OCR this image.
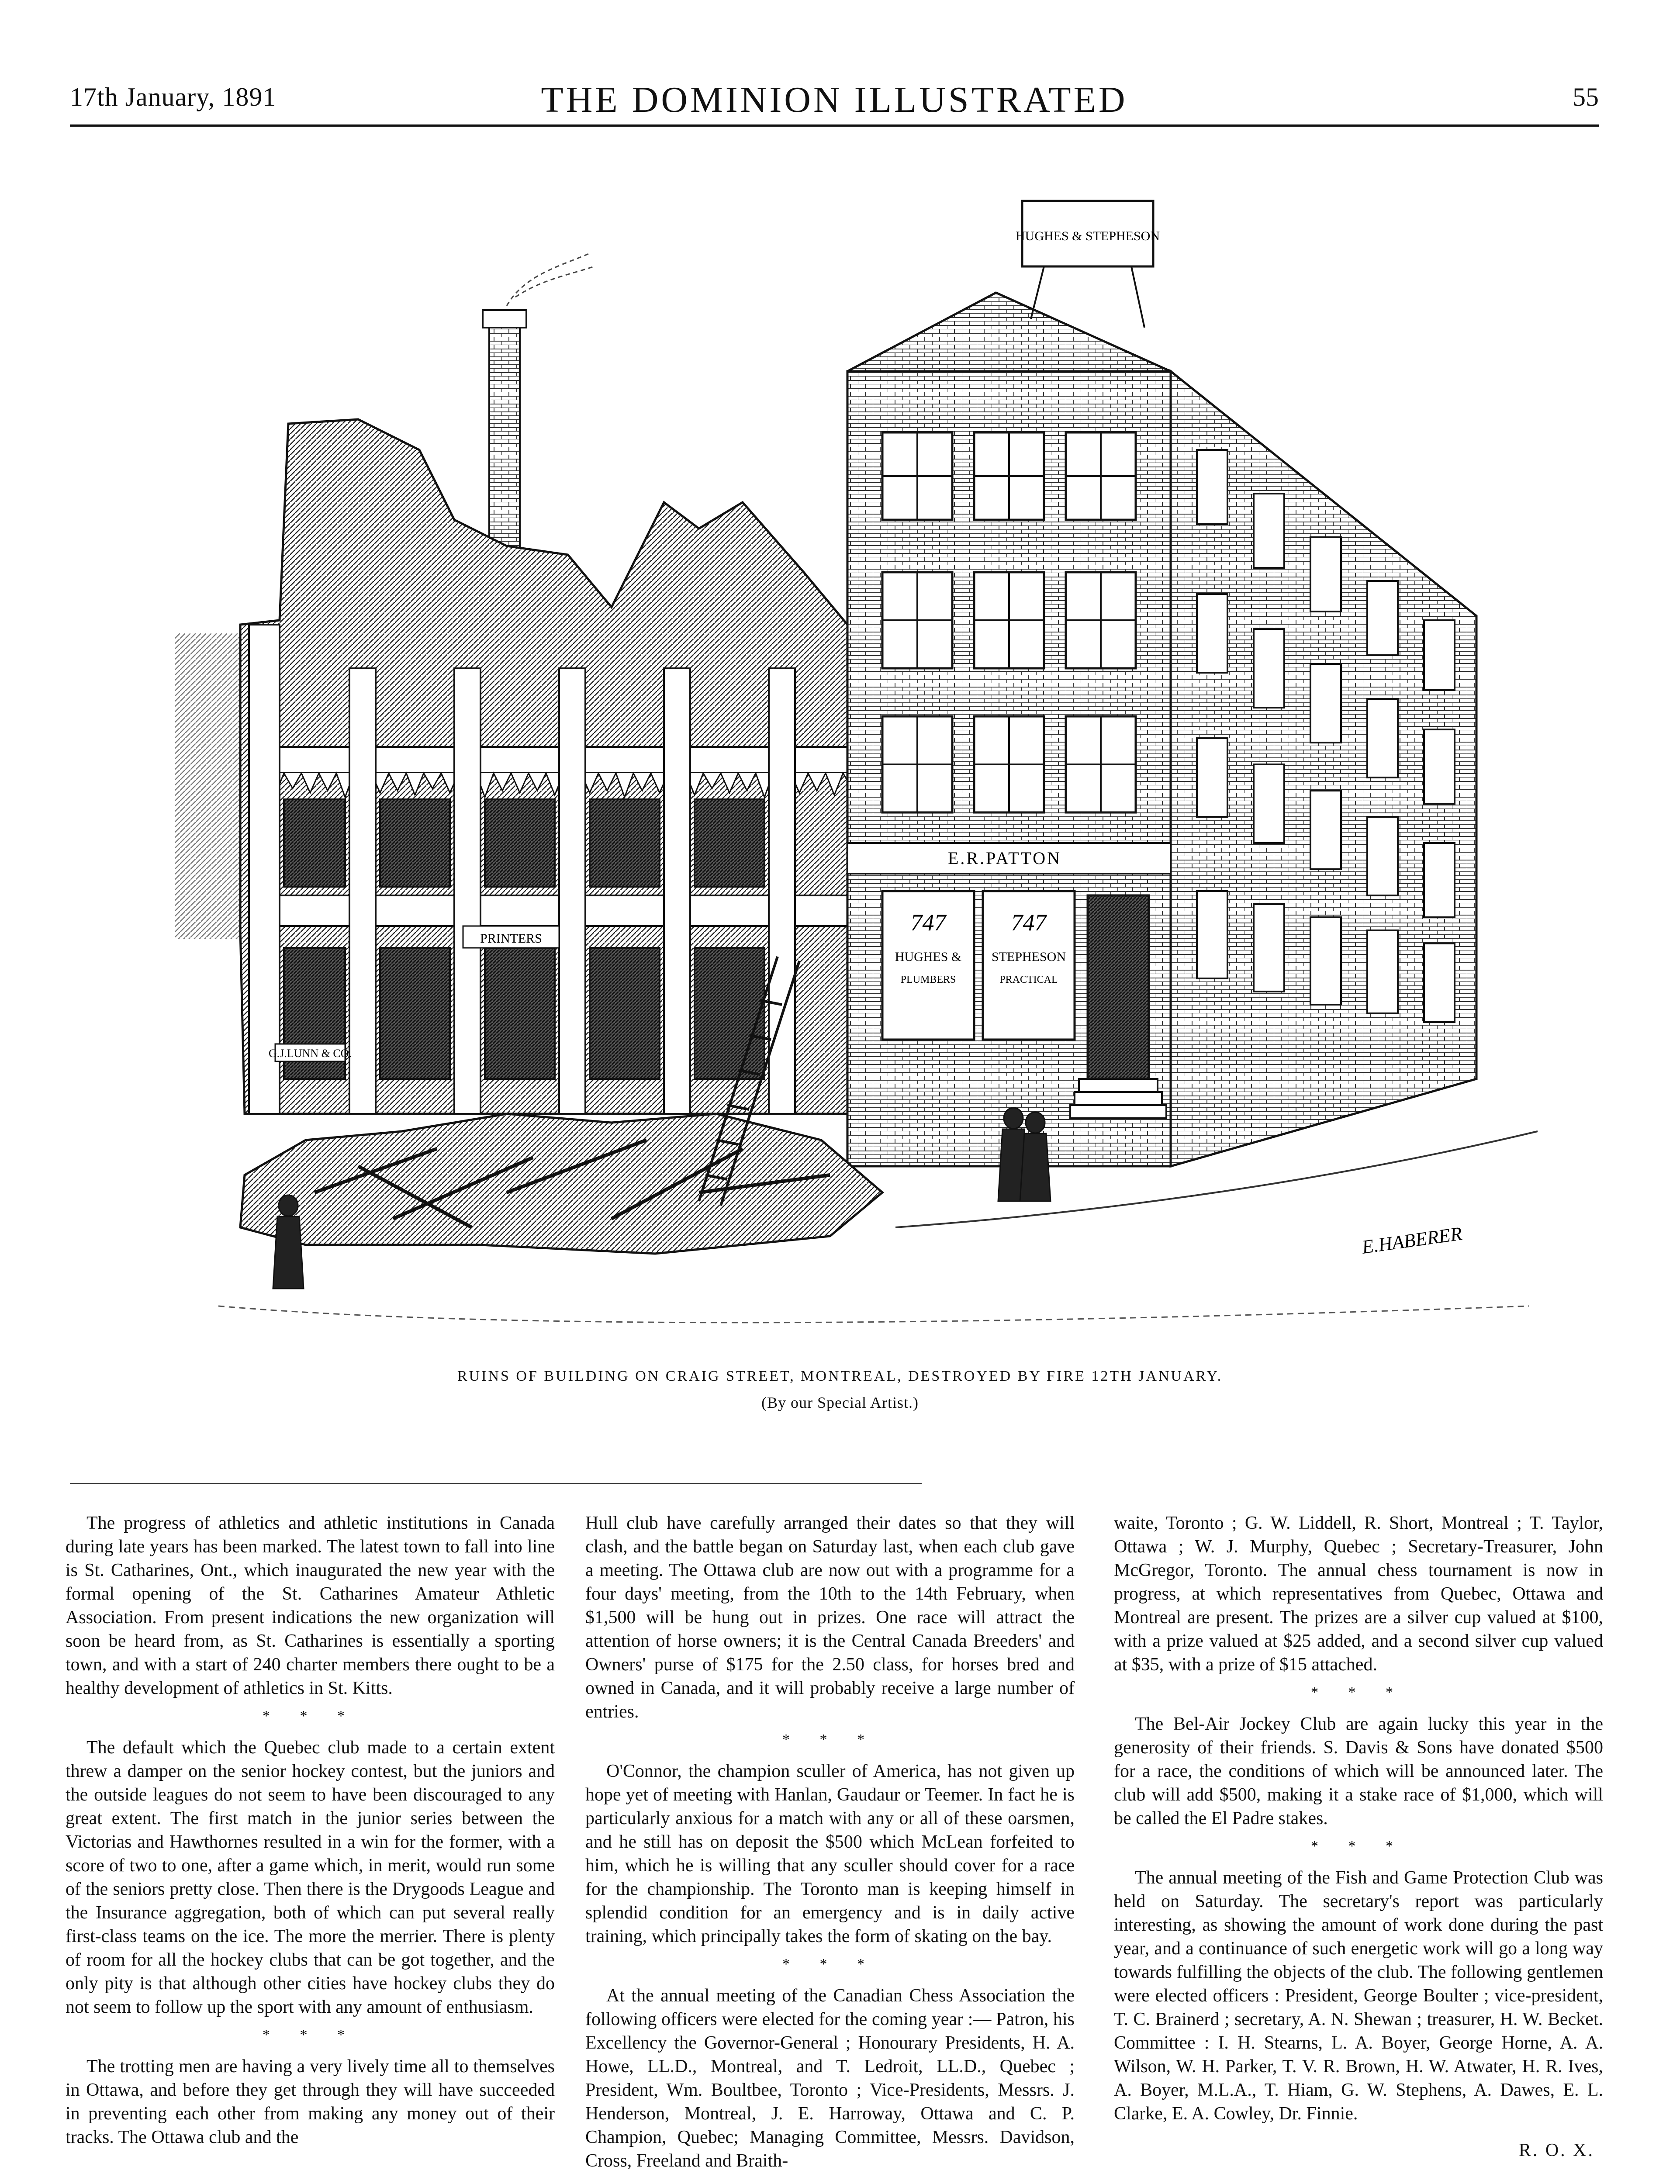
17th January, 1891	THE DOMINION ILLUSTRATED	55
G.J.LUNN & CO.
PRINTERS
HUGHES & STEPHESON
E.R.PATTON
747
HUGHES &
PLUMBERS
747
STEPHESON
PRACTICAL
E.HABERER
RUINS OF BUILDING ON CRAIG STREET, MONTREAL, DESTROYED BY FIRE 12TH JANUARY.
(By our Special Artist.)

The progress of athletics and athletic institutions in Canada during late years has been marked. The latest town to fall into line is St. Catharines, Ont., which inaugurated the new year with the formal opening of the St. Catharines Amateur Athletic Association. From present indications the new organization will soon be heard from, as St. Catharines is essentially a sporting town, and with a start of 240 charter members there ought to be a healthy development of athletics in St. Kitts.

* * *

The default which the Quebec club made to a certain extent threw a damper on the senior hockey contest, but the juniors and the outside leagues do not seem to have been discouraged to any great extent. The first match in the junior series between the Victorias and Hawthornes resulted in a win for the former, with a score of two to one, after a game which, in merit, would run some of the seniors pretty close. Then there is the Drygoods League and the Insurance aggregation, both of which can put several really first-class teams on the ice. The more the merrier. There is plenty of room for all the hockey clubs that can be got together, and the only pity is that although other cities have hockey clubs they do not seem to follow up the sport with any amount of enthusiasm.

* * *

The trotting men are having a very lively time all to themselves in Ottawa, and before they get through they will have succeeded in preventing each other from making any money out of their tracks. The Ottawa club and the

Hull club have carefully arranged their dates so that they will clash, and the battle began on Saturday last, when each club gave a meeting. The Ottawa club are now out with a programme for a four days' meeting, from the 10th to the 14th February, when $1,500 will be hung out in prizes. One race will attract the attention of horse owners; it is the Central Canada Breeders' and Owners' purse of $175 for the 2.50 class, for horses bred and owned in Canada, and it will probably receive a large number of entries.

* * *

O'Connor, the champion sculler of America, has not given up hope yet of meeting with Hanlan, Gaudaur or Teemer. In fact he is particularly anxious for a match with any or all of these oarsmen, and he still has on deposit the $500 which McLean forfeited to him, which he is willing that any sculler should cover for a race for the championship. The Toronto man is keeping himself in splendid condition for an emergency and is in daily active training, which principally takes the form of skating on the bay.

* * *

At the annual meeting of the Canadian Chess Association the following officers were elected for the coming year :— Patron, his Excellency the Governor-General ; Honourary Presidents, H. A. Howe, LL.D., Montreal, and T. Ledroit, LL.D., Quebec ; President, Wm. Boultbee, Toronto ; Vice-Presidents, Messrs. J. Henderson, Montreal, J. E. Harroway, Ottawa and C. P. Champion, Quebec; Managing Committee, Messrs. Davidson, Cross, Freeland and Braith-

waite, Toronto ; G. W. Liddell, R. Short, Montreal ; T. Taylor, Ottawa ; W. J. Murphy, Quebec ; Secretary-Treasurer, John McGregor, Toronto. The annual chess tournament is now in progress, at which representatives from Quebec, Ottawa and Montreal are present. The prizes are a silver cup valued at $100, with a prize valued at $25 added, and a second silver cup valued at $35, with a prize of $15 attached.

* * *

The Bel-Air Jockey Club are again lucky this year in the generosity of their friends. S. Davis & Sons have donated $500 for a race, the conditions of which will be announced later. The club will add $500, making it a stake race of $1,000, which will be called the El Padre stakes.

* * *

The annual meeting of the Fish and Game Protection Club was held on Saturday. The secretary's report was particularly interesting, as showing the amount of work done during the past year, and a continuance of such energetic work will go a long way towards fulfilling the objects of the club. The following gentlemen were elected officers : President, George Boulter ; vice-president, T. C. Brainerd ; secretary, A. N. Shewan ; treasurer, H. W. Becket. Committee : I. H. Stearns, L. A. Boyer, George Horne, A. A. Wilson, W. H. Parker, T. V. R. Brown, H. W. Atwater, H. R. Ives, A. Boyer, M.L.A., T. Hiam, G. W. Stephens, A. Dawes, E. L. Clarke, E. A. Cowley, Dr. Finnie.

R. O. X.
